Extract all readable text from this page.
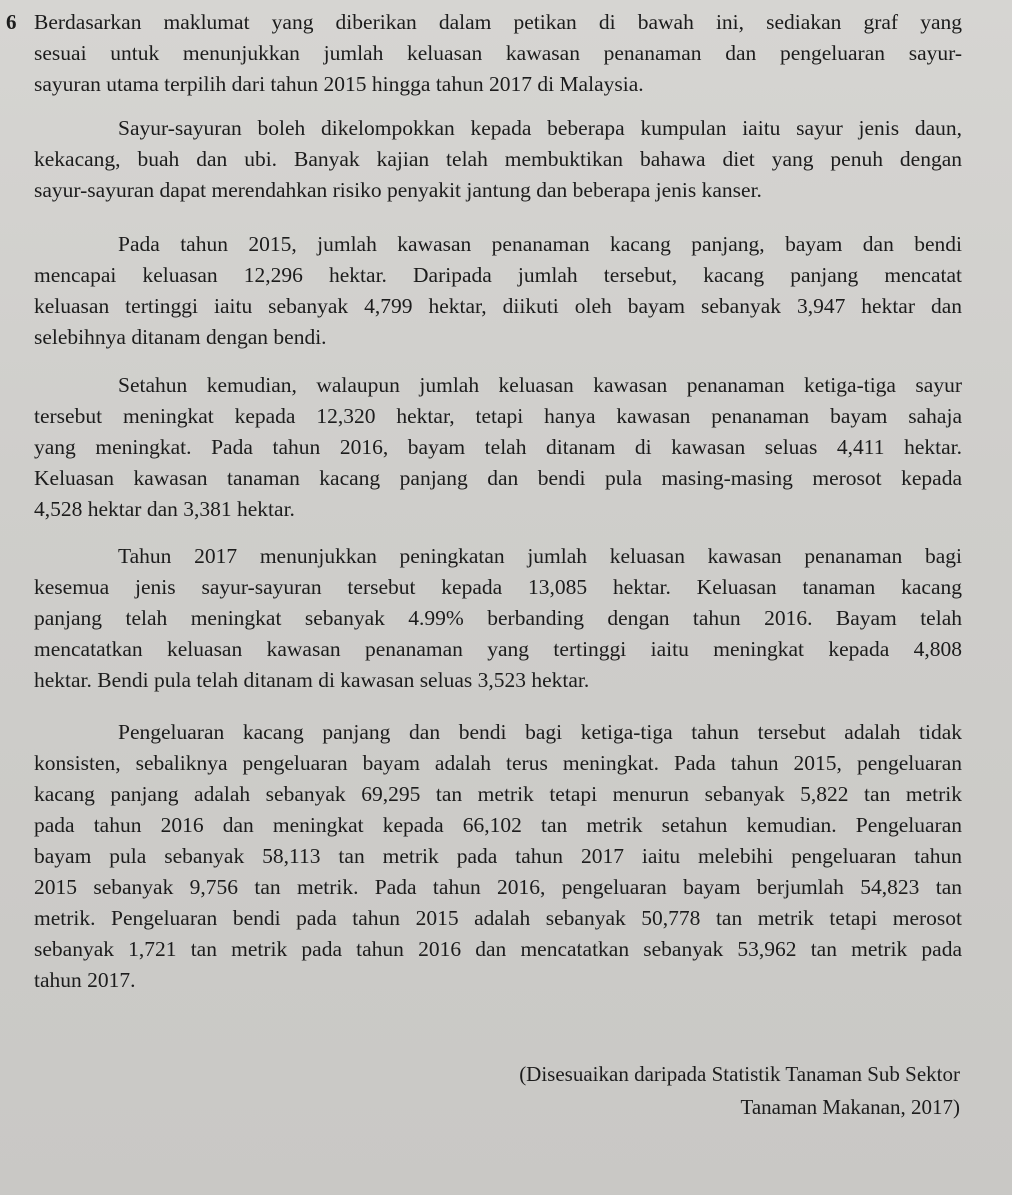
6 Berdasarkan maklumat yang diberikan dalam petikan di bawah ini, sediakan graf yang
sesuai untuk menunjukkan jumlah keluasan kawasan penanaman dan pengeluaran sayur-
sayuran utama terpilih dari tahun 2015 hingga tahun 2017 di Malaysia.
Sayur-sayuran boleh dikelompokkan kepada beberapa kumpulan iaitu sayur jenis daun,
kekacang, buah dan ubi. Banyak kajian telah membuktikan bahawa diet yang penuh dengan
sayur-sayuran dapat merendahkan risiko penyakit jantung dan beberapa jenis kanser.
Pada tahun 2015, jumlah kawasan penanaman kacang panjang, bayam dan bendi
mencapai keluasan 12,296 hektar. Daripada jumlah tersebut, kacang panjang mencatat
keluasan tertinggi iaitu sebanyak 4,799 hektar, diikuti oleh bayam sebanyak 3,947 hektar dan
selebihnya ditanam dengan bendi.
Setahun kemudian, walaupun jumlah keluasan kawasan penanaman ketiga-tiga sayur
tersebut meningkat kepada 12,320 hektar, tetapi hanya kawasan penanaman bayam sahaja
yang meningkat. Pada tahun 2016, bayam telah ditanam di kawasan seluas 4,411 hektar.
Keluasan kawasan tanaman kacang panjang dan bendi pula masing-masing merosot kepada
4,528 hektar dan 3,381 hektar.
Tahun 2017 menunjukkan peningkatan jumlah keluasan kawasan penanaman bagi
kesemua jenis sayur-sayuran tersebut kepada 13,085 hektar. Keluasan tanaman kacang
panjang telah meningkat sebanyak 4.99% berbanding dengan tahun 2016. Bayam telah
mencatatkan keluasan kawasan penanaman yang tertinggi iaitu meningkat kepada 4,808
hektar. Bendi pula telah ditanam di kawasan seluas 3,523 hektar.
Pengeluaran kacang panjang dan bendi bagi ketiga-tiga tahun tersebut adalah tidak
konsisten, sebaliknya pengeluaran bayam adalah terus meningkat. Pada tahun 2015, pengeluaran
kacang panjang adalah sebanyak 69,295 tan metrik tetapi menurun sebanyak 5,822 tan metrik
pada tahun 2016 dan meningkat kepada 66,102 tan metrik setahun kemudian. Pengeluaran
bayam pula sebanyak 58,113 tan metrik pada tahun 2017 iaitu melebihi pengeluaran tahun
2015 sebanyak 9,756 tan metrik. Pada tahun 2016, pengeluaran bayam berjumlah 54,823 tan
metrik. Pengeluaran bendi pada tahun 2015 adalah sebanyak 50,778 tan metrik tetapi merosot
sebanyak 1,721 tan metrik pada tahun 2016 dan mencatatkan sebanyak 53,962 tan metrik pada
tahun 2017.
(Disesuaikan daripada Statistik Tanaman Sub Sektor
Tanaman Makanan, 2017)
